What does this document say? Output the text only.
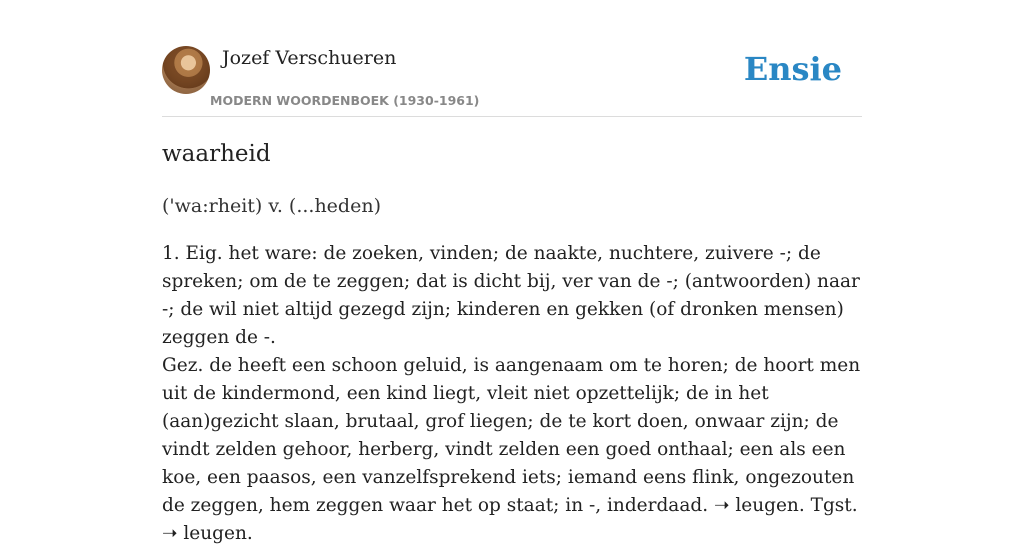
Jozef Verschueren
MODERN WOORDENBOEK (1930-1961)
Ensie
waarheid
('wa:rheit) v. (...heden)
1. Eig. het ware: de zoeken, vinden; de naakte, nuchtere, zuivere -; de spreken; om de te zeggen; dat is dicht bij, ver van de -; (antwoorden) naar -; de wil niet altijd gezegd zijn; kinderen en gekken (of dronken mensen) zeggen de -.
Gez. de heeft een schoon geluid, is aangenaam om te horen; de hoort men uit de kindermond, een kind liegt, vleit niet opzettelijk; de in het (aan)gezicht slaan, brutaal, grof liegen; de te kort doen, onwaar zijn; de vindt zelden gehoor, herberg, vindt zelden een goed onthaal; een als een koe, een paasos, een vanzelfsprekend iets; iemand eens flink, ongezouten de zeggen, hem zeggen waar het op staat; in -, inderdaad. ➝ leugen. Tgst. ➝ leugen.
